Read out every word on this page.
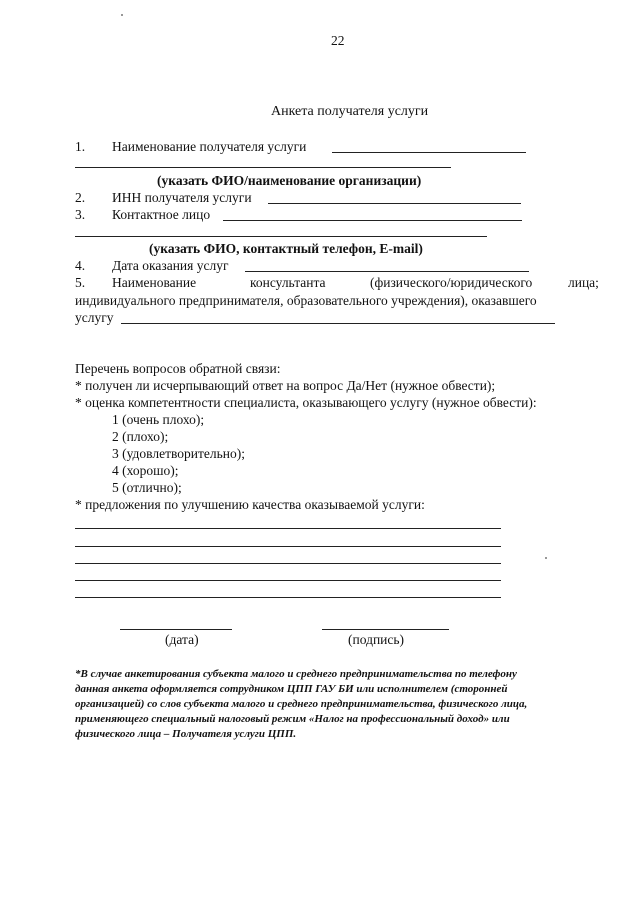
22
Анкета получателя услуги
1. Наименование получателя услуги
(указать ФИО/наименование организации)
2. ИНН получателя услуги
3. Контактное лицо
(указать ФИО, контактный телефон, E-mail)
4. Дата оказания услуг
5. Наименование	консультанта	(физического/юридического	лица;
индивидуального предпринимателя, образовательного учреждения), оказавшего
услугу
Перечень вопросов обратной связи:
* получен ли исчерпывающий ответ на вопрос Да/Нет (нужное обвести);
* оценка компетентности специалиста, оказывающего услугу (нужное обвести):
1 (очень плохо);
2 (плохо);
3 (удовлетворительно);
4 (хорошо);
5 (отлично);
* предложения по улучшению качества оказываемой услуги:
(дата)	(подпись)
*В случае анкетирования субъекта малого и среднего предпринимательства по телефону
данная анкета оформляется сотрудником ЦПП ГАУ БИ или исполнителем (сторонней
организацией) со слов субъекта малого и среднего предпринимательства, физического лица,
применяющего специальный налоговый режим «Налог на профессиональный доход» или
физического лица – Получателя услуги ЦПП.
